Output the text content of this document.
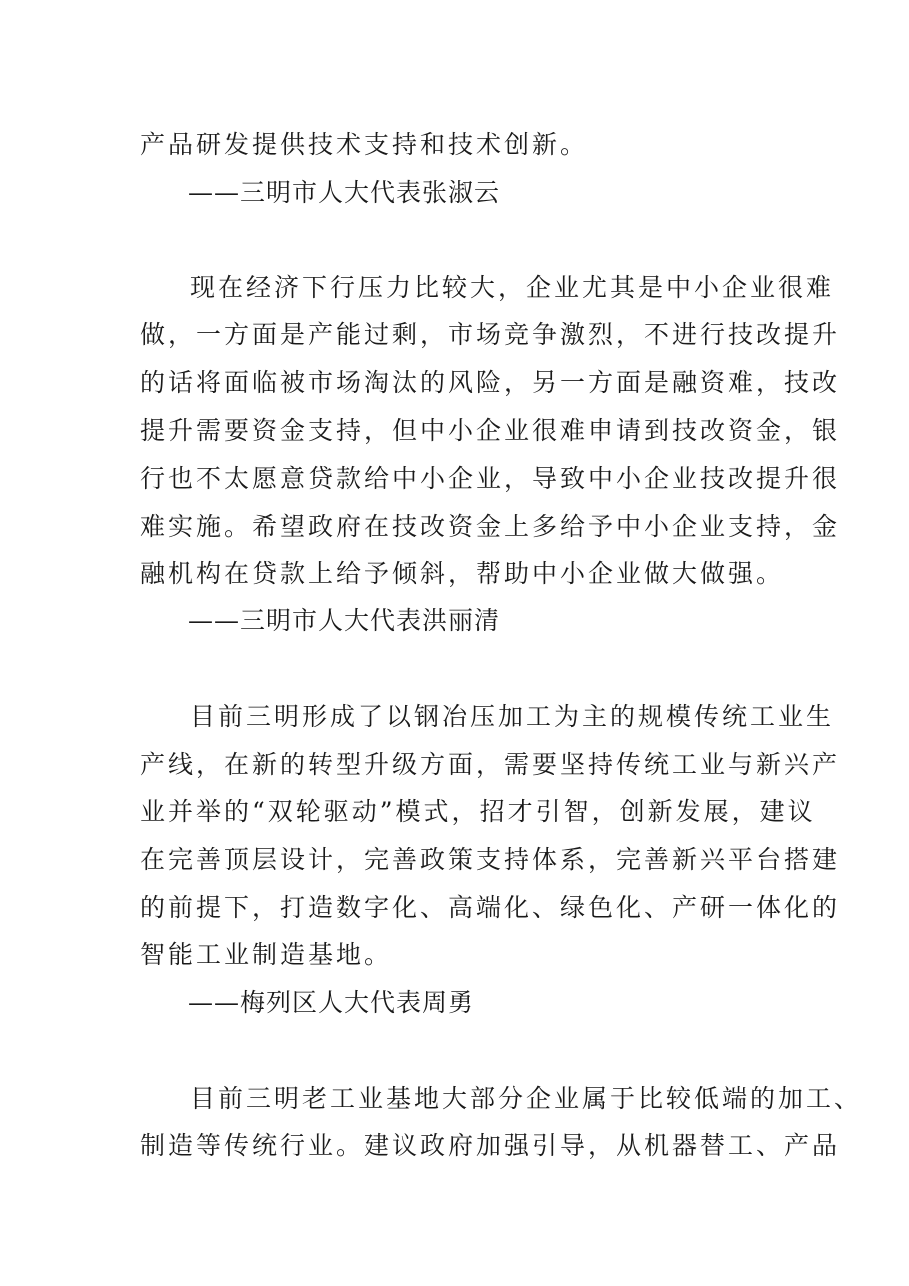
产品研发提供技术支持和技术创新。
——三明市人大代表张淑云
现在经济下行压力比较大，企业尤其是中小企业很难
做，一方面是产能过剩，市场竞争激烈，不进行技改提升
的话将面临被市场淘汰的风险，另一方面是融资难，技改
提升需要资金支持，但中小企业很难申请到技改资金，银
行也不太愿意贷款给中小企业，导致中小企业技改提升很
难实施。希望政府在技改资金上多给予中小企业支持，金
融机构在贷款上给予倾斜，帮助中小企业做大做强。
——三明市人大代表洪丽清
目前三明形成了以钢冶压加工为主的规模传统工业生
产线，在新的转型升级方面，需要坚持传统工业与新兴产
业并举的“双轮驱动”模式，招才引智，创新发展，建议
在完善顶层设计，完善政策支持体系，完善新兴平台搭建
的前提下，打造数字化、高端化、绿色化、产研一体化的
智能工业制造基地。
——梅列区人大代表周勇
目前三明老工业基地大部分企业属于比较低端的加工、
制造等传统行业。建议政府加强引导，从机器替工、产品
